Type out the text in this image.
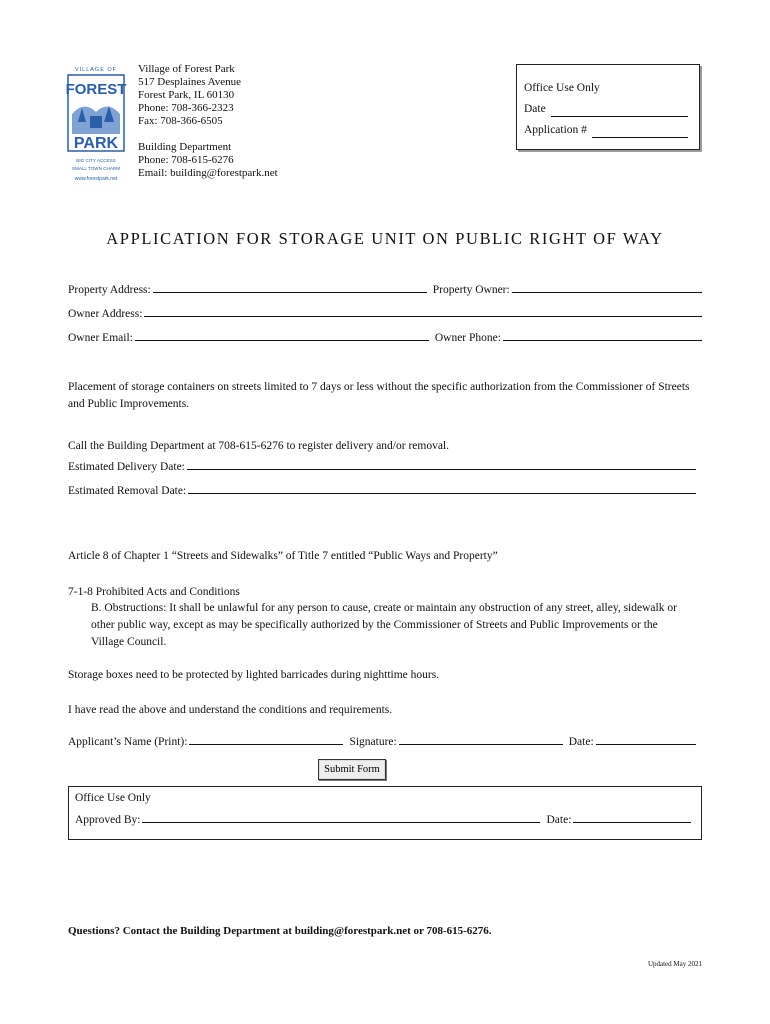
VILLAGE OF
FOREST
PARK
BIG CITY ACCESS
SMALL TOWN CHARM
www.forestpark.net
Village of Forest Park
517 Desplaines Avenue
Forest Park, IL 60130
Phone: 708-366-2323
Fax: 708-366-6505
Building Department
Phone: 708-615-6276
Email: building@forestpark.net
Office Use Only
Date
Application #
APPLICATION FOR STORAGE UNIT ON PUBLIC RIGHT OF WAY
Property Address:	Property Owner:
Owner Address:
Owner Email:	Owner Phone:
Placement of storage containers on streets limited to 7 days or less without the specific authorization from the Commissioner of Streets and Public Improvements.
Call the Building Department at 708-615-6276 to register delivery and/or removal.
Estimated Delivery Date:
Estimated Removal Date:
Article 8 of Chapter 1 “Streets and Sidewalks” of Title 7 entitled “Public Ways and Property”
7-1-8 Prohibited Acts and Conditions
B. Obstructions: It shall be unlawful for any person to cause, create or maintain any obstruction of any street, alley, sidewalk or other public way, except as may be specifically authorized by the Commissioner of Streets and Public Improvements or the Village Council.
Storage boxes need to be protected by lighted barricades during nighttime hours.
I have read the above and understand the conditions and requirements.
Applicant’s Name (Print):	Signature:	Date:
Submit Form
Office Use Only
Approved By:	Date:
Questions? Contact the Building Department at building@forestpark.net or 708-615-6276.
Updated May 2021
